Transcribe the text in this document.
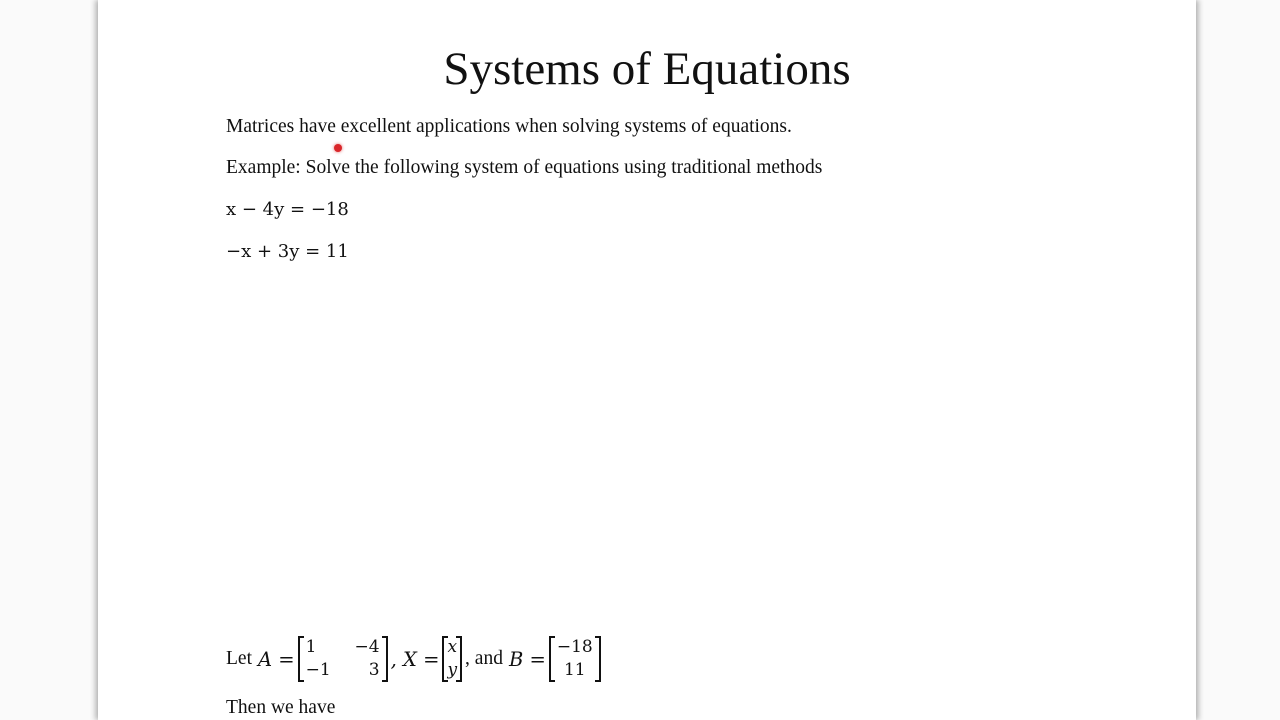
Systems of Equations
Matrices have excellent applications when solving systems of equations.
Example: Solve the following system of equations using traditional methods
x − 4y = −18
−x + 3y = 11
Let A =
1	−4
−1	3 , X =
x
y
, and B =
−18
11
Then we have
